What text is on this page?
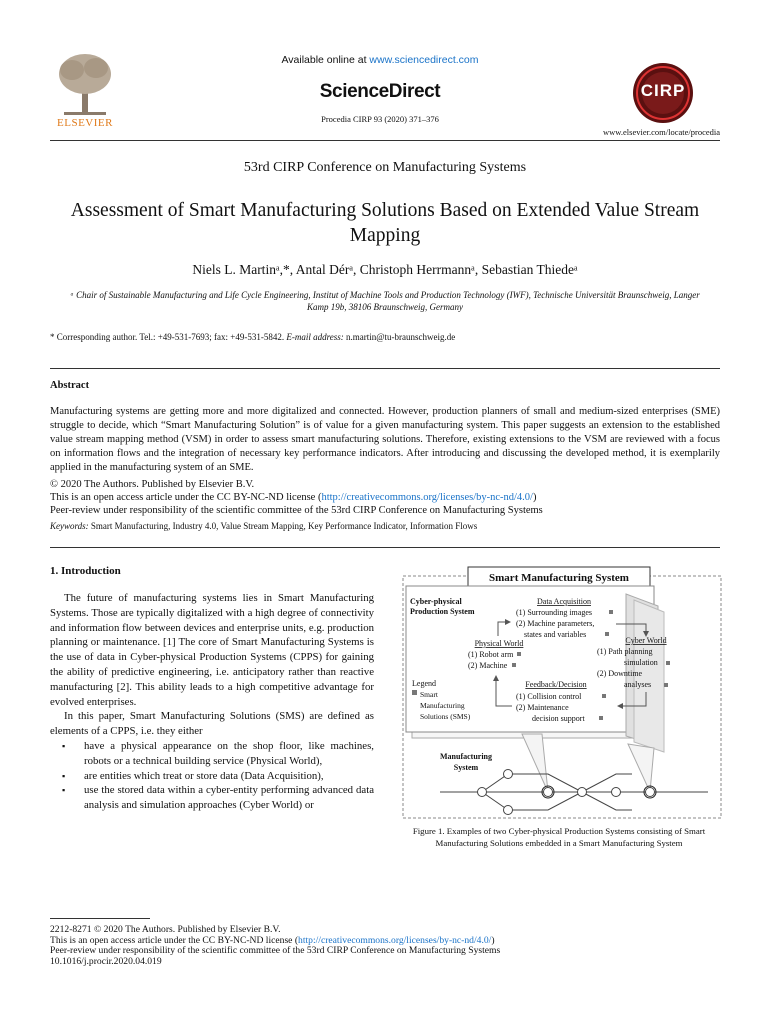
ELSEVIER
Available online at www.sciencedirect.com
ScienceDirect
Procedia CIRP 93 (2020) 371–376
CIRP
www.elsevier.com/locate/procedia
53rd CIRP Conference on Manufacturing Systems
Assessment of Smart Manufacturing Solutions Based on Extended Value Stream Mapping
Niels L. Martinᵃ,*, Antal Dérᵃ, Christoph Herrmannᵃ, Sebastian Thiedeᵃ
ᵃ Chair of Sustainable Manufacturing and Life Cycle Engineering, Institut of Machine Tools and Production Technology (IWF), Technische Universität Braunschweig, Langer Kamp 19b, 38106 Braunschweig, Germany
* Corresponding author. Tel.: +49-531-7693; fax: +49-531-5842. E-mail address: n.martin@tu-braunschweig.de
Abstract
Manufacturing systems are getting more and more digitalized and connected. However, production planners of small and medium-sized enterprises (SME) struggle to decide, which “Smart Manufacturing Solution” is of value for a given manufacturing system. This paper suggests an extension to the established value stream mapping method (VSM) in order to assess smart manufacturing solutions. Therefore, existing extensions to the VSM are reviewed with a focus on information flows and the integration of necessary key performance indicators. After introducing and discussing the developed method, it is exemplarily applied in the manufacturing system of an SME.
© 2020 The Authors. Published by Elsevier B.V.
This is an open access article under the CC BY-NC-ND license (http://creativecommons.org/licenses/by-nc-nd/4.0/)
Peer-review under responsibility of the scientific committee of the 53rd CIRP Conference on Manufacturing Systems
Keywords: Smart Manufacturing, Industry 4.0, Value Stream Mapping, Key Performance Indicator, Information Flows
1. Introduction

The future of manufacturing systems lies in Smart Manufacturing Systems. Those are typically digitalized with a high degree of connectivity and information flow between devices and enterprise units, e.g. production planning or maintenance. [1] The core of Smart Manufacturing Systems is the use of data in Cyber-physical Production Systems (CPPS) for gaining the ability of predictive engineering, i.e. anticipatory rather than reactive manufacturing [2]. This ability leads to a high competitive advantage for evolved enterprises.

In this paper, Smart Manufacturing Solutions (SMS) are defined as elements of a CPPS, i.e. they either

▪ have a physical appearance on the shop floor, like machines, robots or a technical building service (Physical World),
▪ are entities which treat or store data (Data Acquisition),
▪ use the stored data within a cyber-entity performing advanced data analysis and simulation approaches (Cyber World) or
Smart Manufacturing System
Cyber-physical
Production System
Data Acquisition
(1) Surrounding images
(2) Machine parameters,
states and variables
Physical World
(1) Robot arm
(2) Machine
Cyber World
(1) Path planning
simulation
(2) Downtime
analyses
Feedback/Decision
(1) Collision control
(2) Maintenance
decision support
Legend
Smart
Manufacturing
Solutions (SMS)
Manufacturing
System
Figure 1. Examples of two Cyber-physical Production Systems consisting of Smart Manufacturing Solutions embedded in a Smart Manufacturing System
2212-8271 © 2020 The Authors. Published by Elsevier B.V.
This is an open access article under the CC BY-NC-ND license (http://creativecommons.org/licenses/by-nc-nd/4.0/)
Peer-review under responsibility of the scientific committee of the 53rd CIRP Conference on Manufacturing Systems
10.1016/j.procir.2020.04.019
